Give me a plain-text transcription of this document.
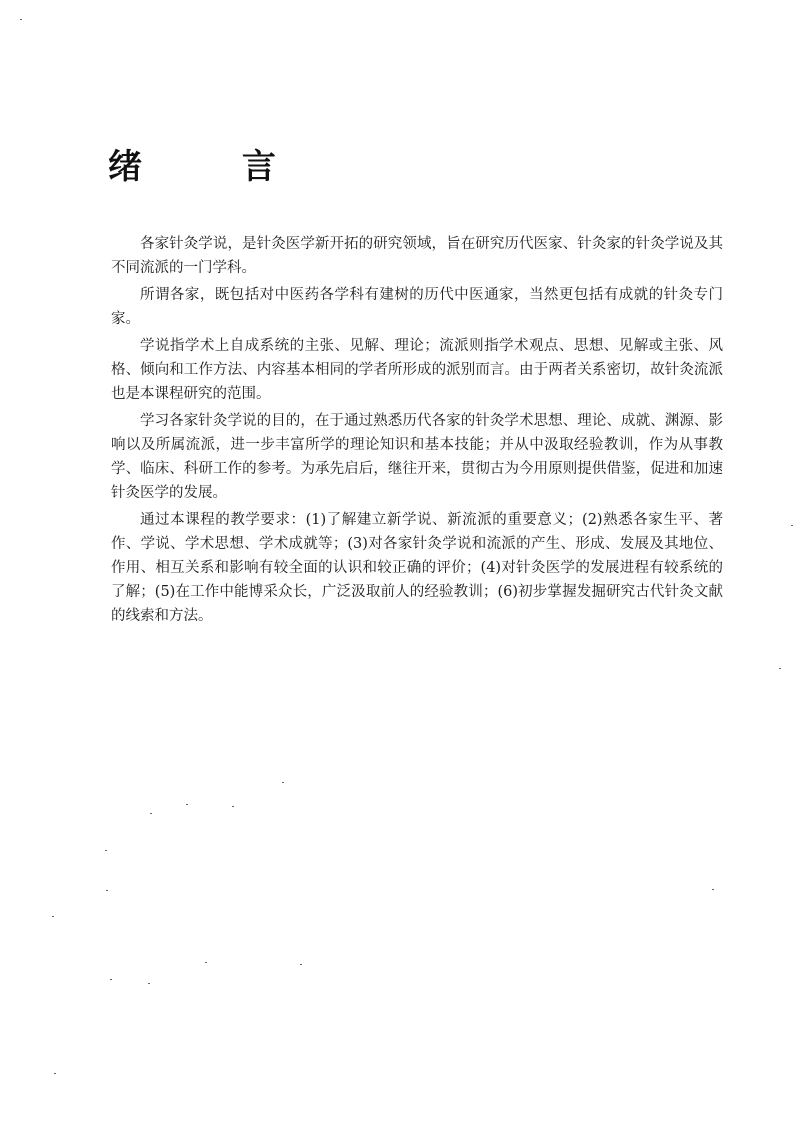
绪 言

各家针灸学说，是针灸医学新开拓的研究领域，旨在研究历代医家、针灸家的针灸学说及其不同流派的一门学科。

所谓各家，既包括对中医药各学科有建树的历代中医通家，当然更包括有成就的针灸专门家。

学说指学术上自成系统的主张、见解、理论；流派则指学术观点、思想、见解或主张、风格、倾向和工作方法、内容基本相同的学者所形成的派别而言。由于两者关系密切，故针灸流派也是本课程研究的范围。

学习各家针灸学说的目的，在于通过熟悉历代各家的针灸学术思想、理论、成就、渊源、影响以及所属流派，进一步丰富所学的理论知识和基本技能；并从中汲取经验教训，作为从事教学、临床、科研工作的参考。为承先启后，继往开来，贯彻古为今用原则提供借鉴，促进和加速针灸医学的发展。

通过本课程的教学要求：(1)了解建立新学说、新流派的重要意义；(2)熟悉各家生平、著作、学说、学术思想、学术成就等；(3)对各家针灸学说和流派的产生、形成、发展及其地位、作用、相互关系和影响有较全面的认识和较正确的评价；(4)对针灸医学的发展进程有较系统的了解；(5)在工作中能博采众长，广泛汲取前人的经验教训；(6)初步掌握发掘研究古代针灸文献的线索和方法。
